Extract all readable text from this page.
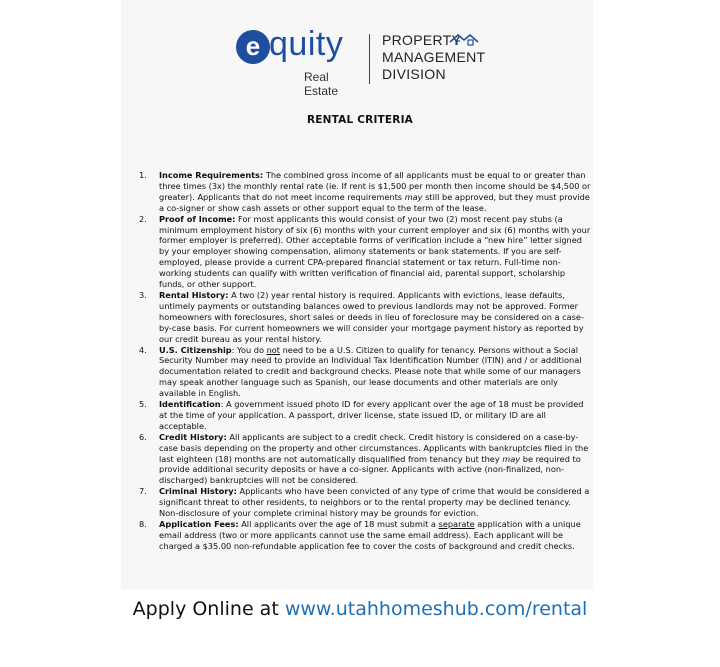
e quity
Real Estate
PROPERTY
MANAGEMENT
DIVISION
RENTAL CRITERIA
1. Income Requirements: The combined gross income of all applicants must be equal to or greater than three times (3x) the monthly rental rate (ie. If rent is $1,500 per month then income should be $4,500 or greater). Applicants that do not meet income requirements may still be approved, but they must provide a co-signer or show cash assets or other support equal to the term of the lease.
2. Proof of Income: For most applicants this would consist of your two (2) most recent pay stubs (a minimum employment history of six (6) months with your current employer and six (6) months with your former employer is preferred). Other acceptable forms of verification include a “new hire” letter signed by your employer showing compensation, alimony statements or bank statements. If you are self-employed, please provide a current CPA-prepared financial statement or tax return. Full-time non-working students can qualify with written verification of financial aid, parental support, scholarship funds, or other support.
3. Rental History: A two (2) year rental history is required. Applicants with evictions, lease defaults, untimely payments or outstanding balances owed to previous landlords may not be approved. Former homeowners with foreclosures, short sales or deeds in lieu of foreclosure may be considered on a case- by-case basis. For current homeowners we will consider your mortgage payment history as reported by our credit bureau as your rental history.
4. U.S. Citizenship: You do not need to be a U.S. Citizen to qualify for tenancy. Persons without a Social Security Number may need to provide an Individual Tax Identification Number (ITIN) and / or additional documentation related to credit and background checks. Please note that while some of our managers may speak another language such as Spanish, our lease documents and other materials are only available in English.
5. Identification: A government issued photo ID for every applicant over the age of 18 must be provided at the time of your application. A passport, driver license, state issued ID, or military ID are all acceptable.
6. Credit History: All applicants are subject to a credit check. Credit history is considered on a case-by- case basis depending on the property and other circumstances. Applicants with bankruptcies filed in the last eighteen (18) months are not automatically disqualified from tenancy but they may be required to provide additional security deposits or have a co-signer. Applicants with active (non-finalized, non-discharged) bankruptcies will not be considered.
7. Criminal History: Applicants who have been convicted of any type of crime that would be considered a significant threat to other residents, to neighbors or to the rental property may be declined tenancy. Non-disclosure of your complete criminal history may be grounds for eviction.
8. Application Fees: All applicants over the age of 18 must submit a separate application with a unique email address (two or more applicants cannot use the same email address). Each applicant will be charged a $35.00 non-refundable application fee to cover the costs of background and credit checks.
Apply Online at www.utahhomeshub.com/rental
